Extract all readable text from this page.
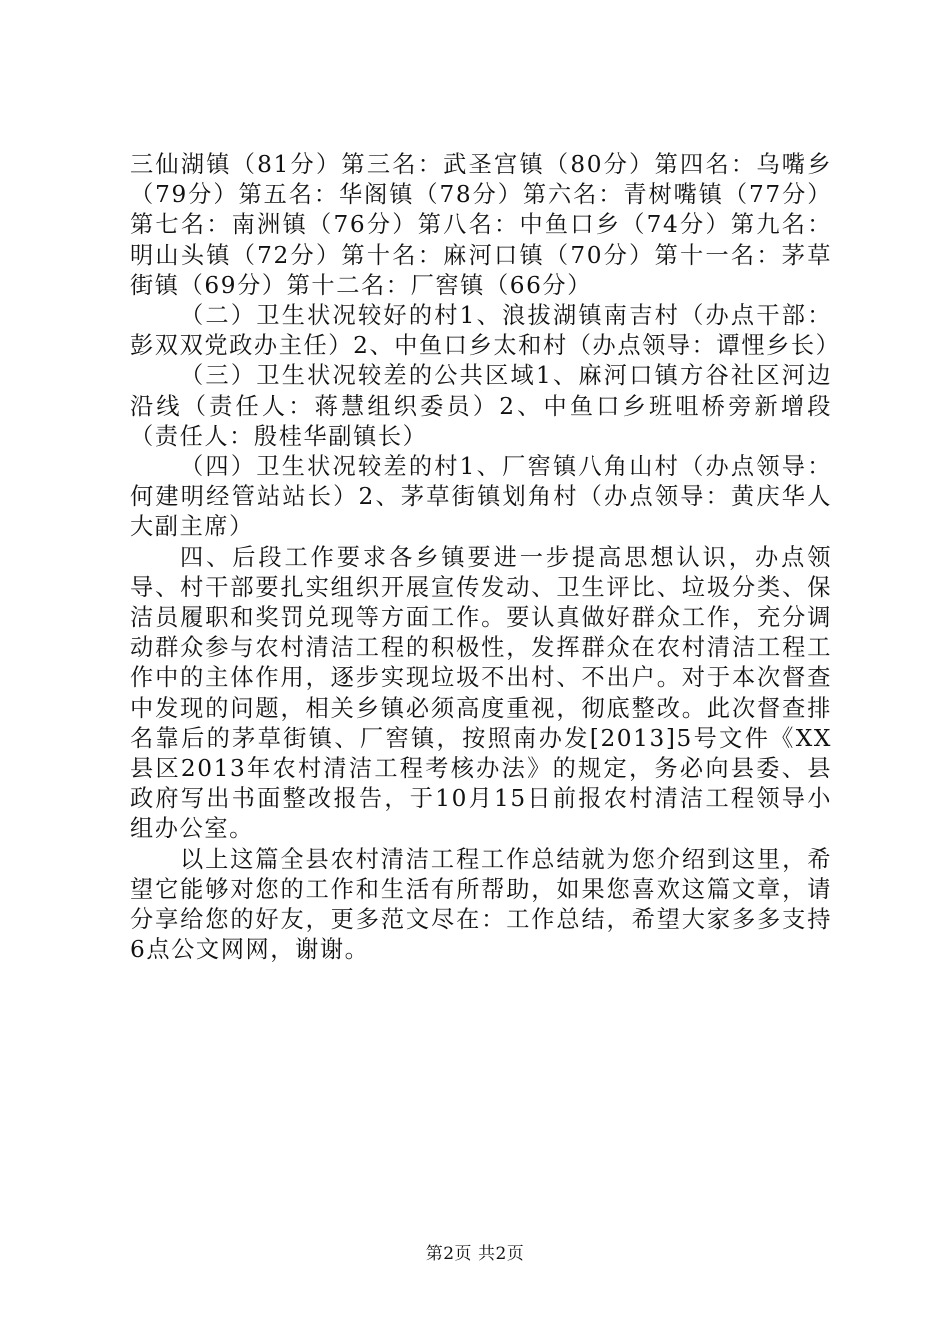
三仙湖镇（81分）第三名：武圣宫镇（80分）第四名：乌嘴乡（79分）第五名：华阁镇（78分）第六名：青树嘴镇（77分）第七名：南洲镇（76分）第八名：中鱼口乡（74分）第九名：明山头镇（72分）第十名：麻河口镇（70分）第十一名：茅草街镇（69分）第十二名：厂窖镇（66分）

（二）卫生状况较好的村1、浪拔湖镇南吉村（办点干部：彭双双党政办主任）2、中鱼口乡太和村（办点领导：谭悝乡长）

（三）卫生状况较差的公共区域1、麻河口镇方谷社区河边沿线（责任人：蒋慧组织委员）2、中鱼口乡班咀桥旁新增段（责任人：殷桂华副镇长）

（四）卫生状况较差的村1、厂窖镇八角山村（办点领导：何建明经管站站长）2、茅草街镇划角村（办点领导：黄庆华人大副主席）

四、后段工作要求各乡镇要进一步提高思想认识，办点领导、村干部要扎实组织开展宣传发动、卫生评比、垃圾分类、保洁员履职和奖罚兑现等方面工作。要认真做好群众工作，充分调动群众参与农村清洁工程的积极性，发挥群众在农村清洁工程工作中的主体作用，逐步实现垃圾不出村、不出户。对于本次督查中发现的问题，相关乡镇必须高度重视，彻底整改。此次督查排名靠后的茅草街镇、厂窖镇，按照南办发[2013]5号文件《XX县区2013年农村清洁工程考核办法》的规定，务必向县委、县政府写出书面整改报告，于10月15日前报农村清洁工程领导小组办公室。

以上这篇全县农村清洁工程工作总结就为您介绍到这里，希望它能够对您的工作和生活有所帮助，如果您喜欢这篇文章，请分享给您的好友，更多范文尽在：工作总结，希望大家多多支持6点公文网网，谢谢。

第2页 共2页
